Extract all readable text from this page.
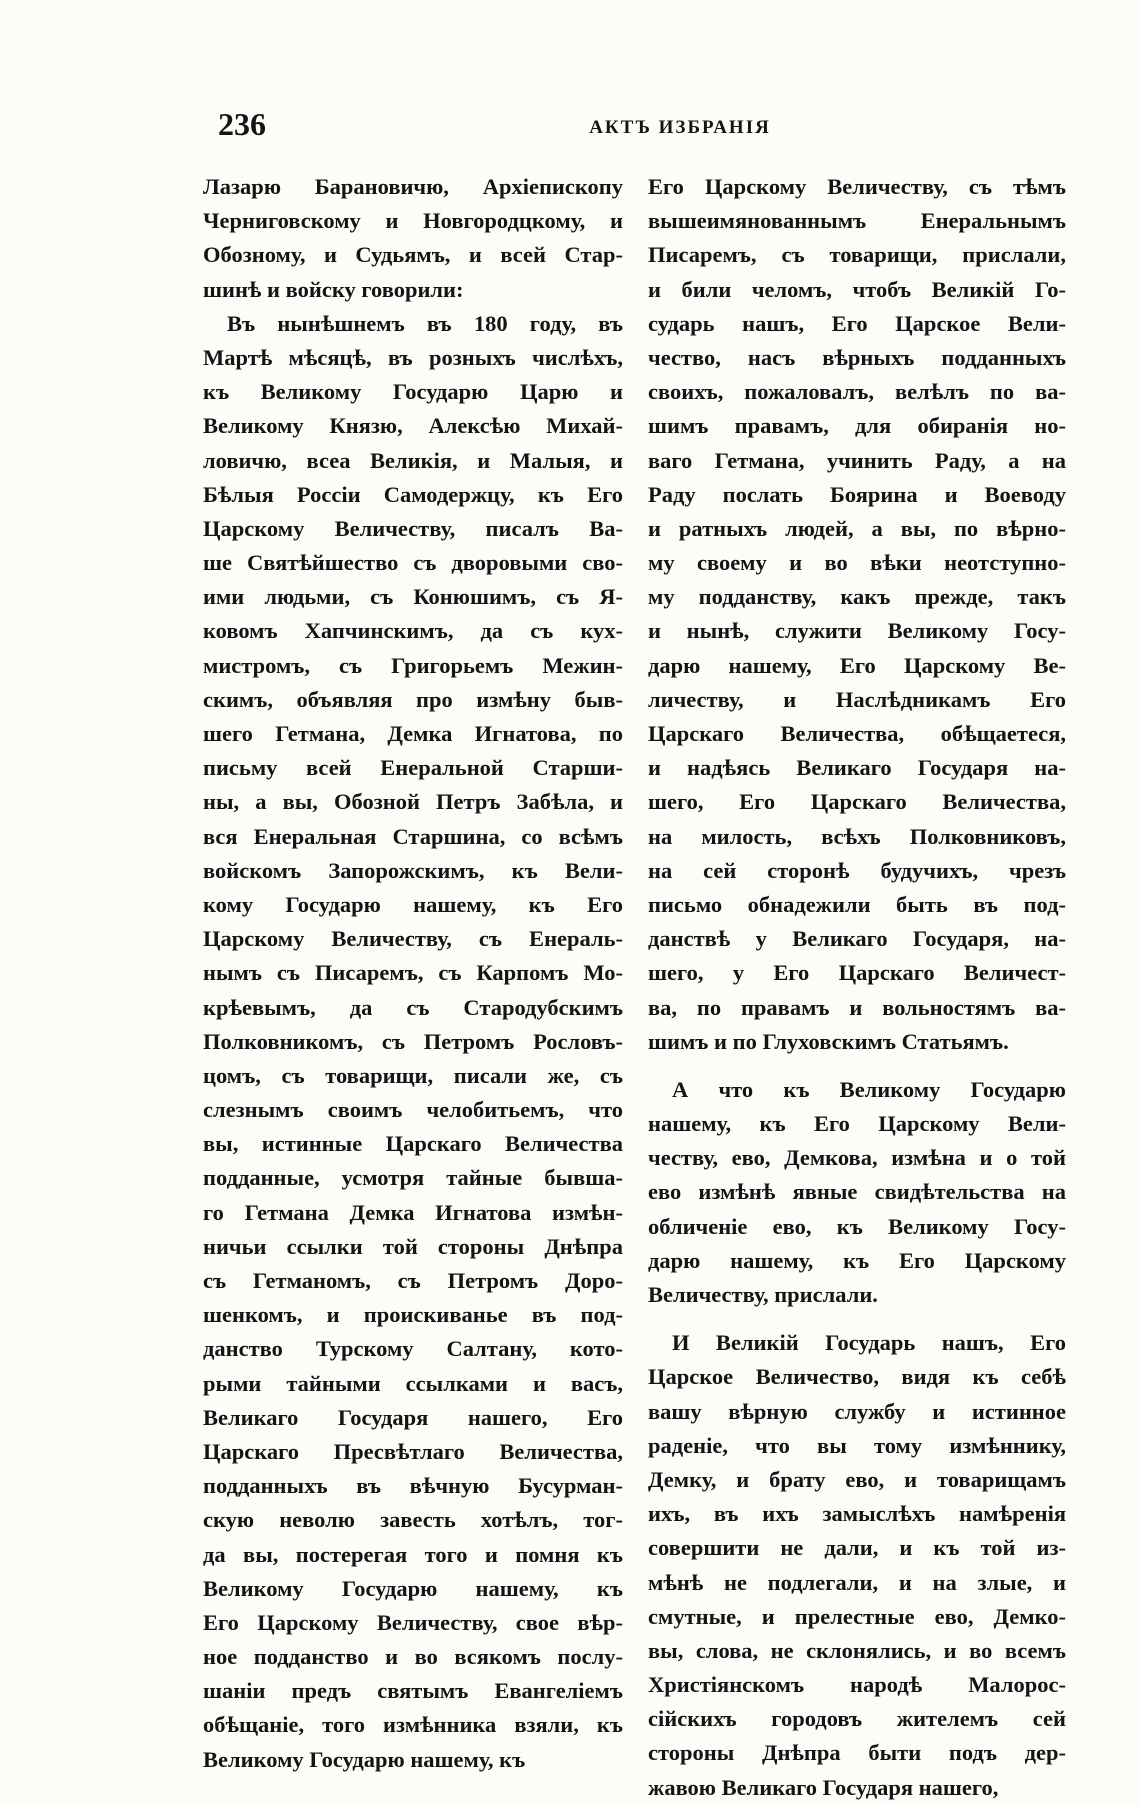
236	АКТЪ ИЗБРАНIЯ
Лазарю Барановичю, Архiепископу
Черниговскому и Новгородцкому, и
Обозному, и Судьямъ, и всей Стар-
шинѣ и войску говорили:
Въ нынѣшнемъ въ 180 году, въ
Мартѣ мѣсяцѣ, въ розныхъ числѣхъ,
къ Великому Государю Царю и
Великому Князю, Алексѣю Михай-
ловичю, всеа Великiя, и Малыя, и
Бѣлыя Россiи Самодержцу, къ Его
Царскому Величеству, писалъ Ва-
ше Святѣйшество съ дворовыми сво-
ими людьми, съ Конюшимъ, съ Я-
ковомъ Хапчинскимъ, да съ кух-
мистромъ, съ Григорьемъ Межин-
скимъ, объявляя про измѣну быв-
шего Гетмана, Демка Игнатова, по
письму всей Енеральной Старши-
ны, а вы, Обозной Петръ Забѣла, и
вся Енеральная Старшина, со всѣмъ
войскомъ Запорожскимъ, къ Вели-
кому Государю нашему, къ Его
Царскому Величеству, съ Енераль-
нымъ съ Писаремъ, съ Карпомъ Мо-
крѣевымъ, да съ Стародубскимъ
Полковникомъ, съ Петромъ Рословъ-
цомъ, съ товарищи, писали же, съ
слезнымъ своимъ челобитьемъ, что
вы, истинные Царскаго Величества
подданные, усмотря тайные бывша-
го Гетмана Демка Игнатова измѣн-
ничьи ссылки той стороны Днѣпра
съ Гетманомъ, съ Петромъ Доро-
шенкомъ, и проискиванье въ под-
данство Турскому Салтану, кото-
рыми тайными ссылками и васъ,
Великаго Государя нашего, Его
Царскаго Пресвѣтлаго Величества,
подданныхъ въ вѣчную Бусурман-
скую неволю завесть хотѣлъ, тог-
да вы, постерегая того и помня къ
Великому Государю нашему, къ
Его Царскому Величеству, свое вѣр-
ное подданство и во всякомъ послу-
шанiи предъ святымъ Евангелiемъ
обѣщанiе, того измѣнника взяли, къ
Великому Государю нашему, къ
Его Царскому Величеству, съ тѣмъ
вышеимянованнымъ Енеральнымъ
Писаремъ, съ товарищи, прислали,
и били челомъ, чтобъ Великiй Го-
сударь нашъ, Его Царское Вели-
чество, насъ вѣрныхъ подданныхъ
своихъ, пожаловалъ, велѣлъ по ва-
шимъ правамъ, для обиранiя но-
ваго Гетмана, учинить Раду, а на
Раду послать Боярина и Воеводу
и ратныхъ людей, а вы, по вѣрно-
му своему и во вѣки неотступно-
му подданству, какъ прежде, такъ
и нынѣ, служити Великому Госу-
дарю нашему, Его Царскому Ве-
личеству, и Наслѣдникамъ Его
Царскаго Величества, обѣщаетеся,
и надѣясь Великаго Государя на-
шего, Его Царскаго Величества,
на милость, всѣхъ Полковниковъ,
на сей сторонѣ будучихъ, чрезъ
письмо обнадежили быть въ под-
данствѣ у Великаго Государя, на-
шего, у Его Царскаго Величест-
ва, по правамъ и вольностямъ ва-
шимъ и по Глуховскимъ Статьямъ.
А что къ Великому Государю
нашему, къ Его Царскому Вели-
честву, ево, Демкова, измѣна и о той
ево измѣнѣ явные свидѣтельства на
обличенiе ево, къ Великому Госу-
дарю нашему, къ Его Царскому
Величеству, прислали.
И Великiй Государь нашъ, Его
Царское Величество, видя къ себѣ
вашу вѣрную службу и истинное
раденiе, что вы тому измѣннику,
Демку, и брату ево, и товарищамъ
ихъ, въ ихъ замыслѣхъ намѣренiя
совершити не дали, и къ той из-
мѣнѣ не подлегали, и на злые, и
смутные, и прелестные ево, Демко-
вы, слова, не склонялись, и во всемъ
Христiянскомъ народѣ Малорос-
сiйскихъ городовъ жителемъ сей
стороны Днѣпра быти подъ дер-
жавою Великаго Государя нашего,
